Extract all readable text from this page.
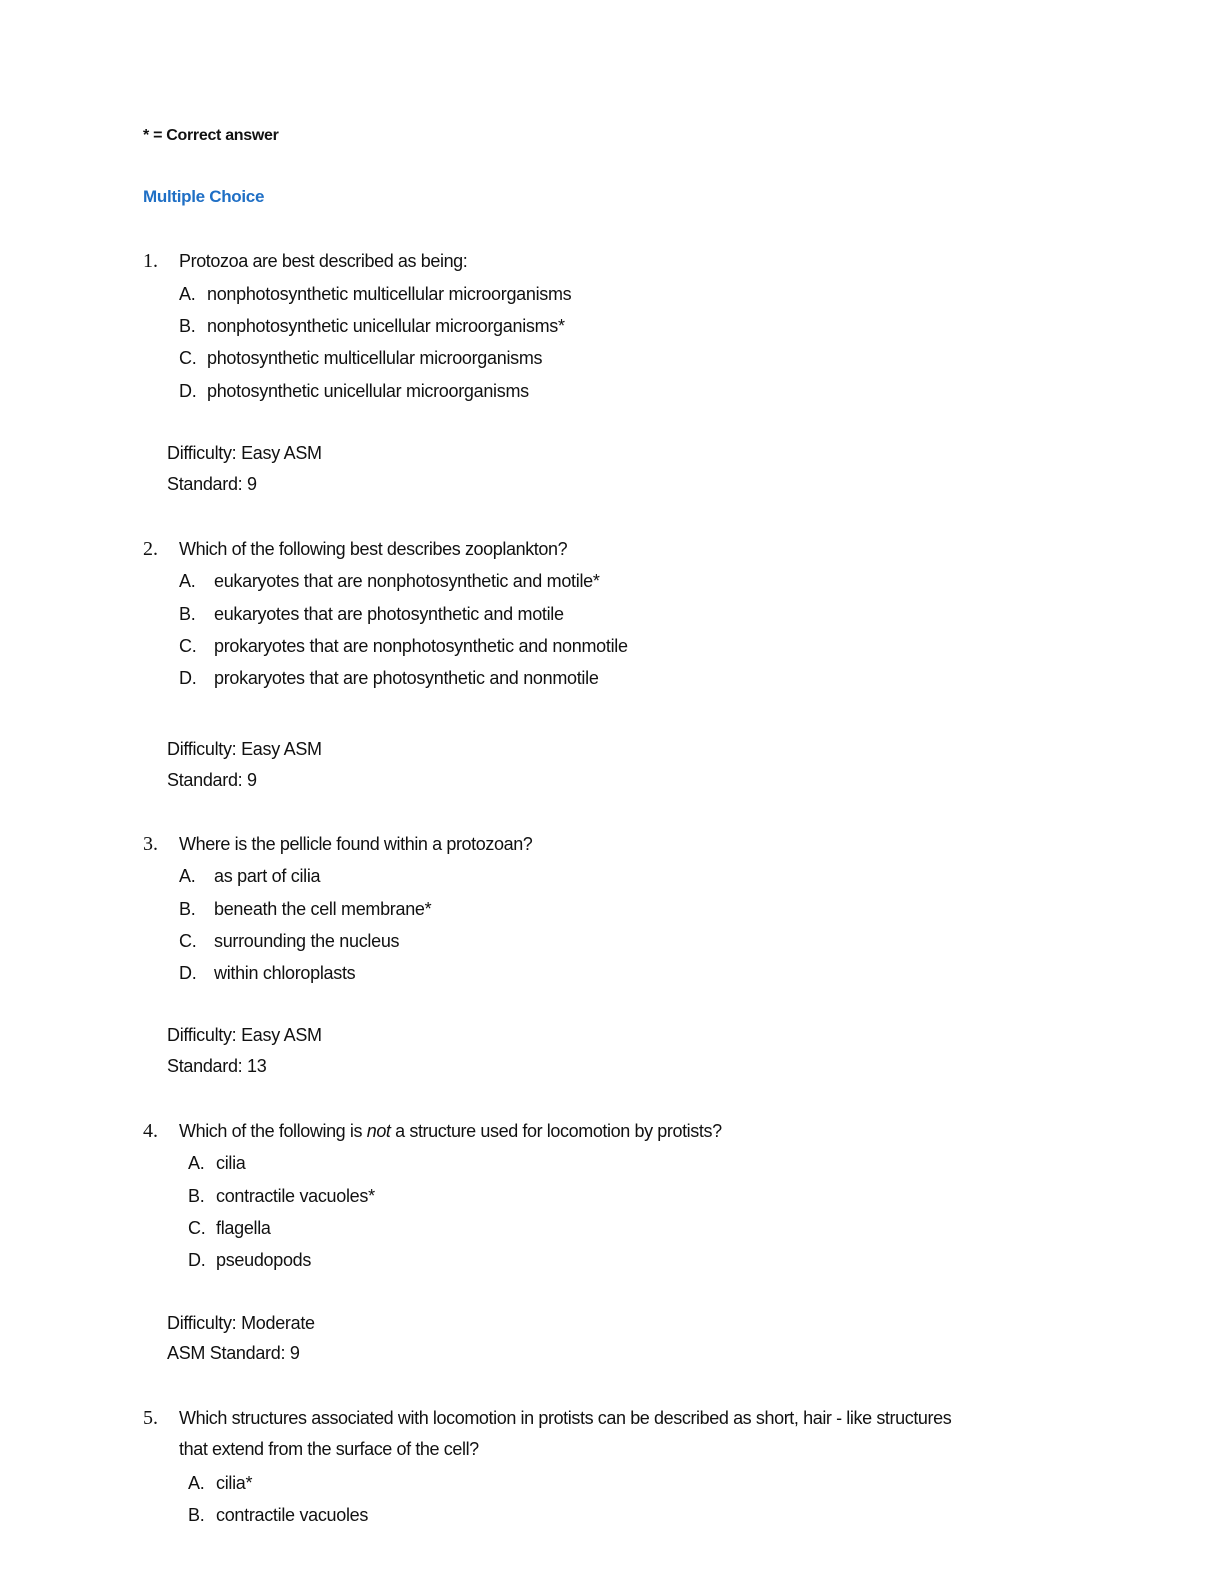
* = Correct answer
Multiple Choice
1. Protozoa are best described as being:
A. nonphotosynthetic multicellular microorganisms
B. nonphotosynthetic unicellular microorganisms*
C. photosynthetic multicellular microorganisms
D. photosynthetic unicellular microorganisms
Difficulty: Easy ASM
Standard: 9
2. Which of the following best describes zooplankton?
A. eukaryotes that are nonphotosynthetic and motile*
B. eukaryotes that are photosynthetic and motile
C. prokaryotes that are nonphotosynthetic and nonmotile
D. prokaryotes that are photosynthetic and nonmotile
Difficulty: Easy ASM
Standard: 9
3. Where is the pellicle found within a protozoan?
A. as part of cilia
B. beneath the cell membrane*
C. surrounding the nucleus
D. within chloroplasts
Difficulty: Easy ASM
Standard: 13
4. Which of the following is not a structure used for locomotion by protists?
A. cilia
B. contractile vacuoles*
C. flagella
D. pseudopods
Difficulty: Moderate
ASM Standard: 9
5. Which structures associated with locomotion in protists can be described as short, hair - like structures
that extend from the surface of the cell?
A. cilia*
B. contractile vacuoles
